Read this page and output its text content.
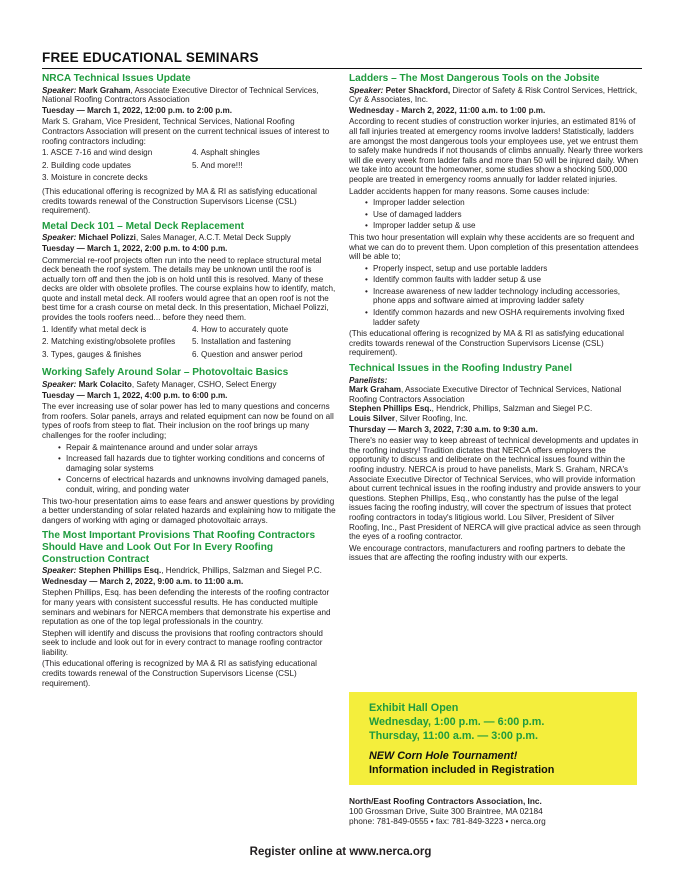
FREE EDUCATIONAL SEMINARS
NRCA Technical Issues Update
Speaker: Mark Graham, Associate Executive Director of Technical Services, National Roofing Contractors Association
Tuesday — March 1, 2022, 12:00 p.m. to 2:00 p.m.

Mark S. Graham, Vice President, Technical Services, National Roofing Contractors Association will present on the current technical issues of interest to roofing contractors including:

1. ASCE 7-16 and wind design	4. Asphalt shingles
2. Building code updates	5. And more!!!
3. Moisture in concrete decks

(This educational offering is recognized by MA & RI as satisfying educational credits towards renewal of the Construction Supervisors License (CSL) requirement).

Metal Deck 101 – Metal Deck Replacement
Speaker: Michael Polizzi, Sales Manager, A.C.T. Metal Deck Supply
Tuesday — March 1, 2022, 2:00 p.m. to 4:00 p.m.

Commercial re-roof projects often run into the need to replace structural metal deck beneath the roof system. The details may be unknown until the roof is actually torn off and then the job is on hold until this is resolved. Many of these decks are older with obsolete profiles. The course explains how to identify, match, quote and install metal deck. All roofers would agree that an open roof is not the best time for a crash course on metal deck. In this presentation, Michael Polizzi, provides the tools roofers need... before they need them.

1. Identify what metal deck is	4. How to accurately quote
2. Matching existing/obsolete profiles	5. Installation and fastening
3. Types, gauges & finishes	6. Question and answer period
Working Safely Around Solar – Photovoltaic Basics
Speaker: Mark Colacito, Safety Manager, CSHO, Select Energy
Tuesday — March 1, 2022, 4:00 p.m. to 6:00 p.m.

The ever increasing use of solar power has led to many questions and concerns from roofers. Solar panels, arrays and related equipment can now be found on all types of roofs from steep to flat. Their inclusion on the roof brings up many challenges for the roofer including;

• Repair & maintenance around and under solar arrays
• Increased fall hazards due to tighter working conditions and concerns of damaging solar systems
• Concerns of electrical hazards and unknowns involving damaged panels, conduit, wiring, and ponding water

This two-hour presentation aims to ease fears and answer questions by providing a better understanding of solar related hazards and explaining how to mitigate the dangers of working with aging or damaged photovoltaic arrays.

The Most Important Provisions That Roofing Contractors
Should Have and Look Out For In Every Roofing Construction Contract
Speaker: Stephen Phillips Esq., Hendrick, Phillips, Salzman and Siegel P.C.
Wednesday — March 2, 2022, 9:00 a.m. to 11:00 a.m.

Stephen Phillips, Esq. has been defending the interests of the roofing contractor for many years with consistent successful results. He has conducted multiple seminars and webinars for NERCA members that demonstrate his expertise and reputation as one of the top legal professionals in the country.

Stephen will identify and discuss the provisions that roofing contractors should seek to include and look out for in every contract to manage roofing contractor liability.

(This educational offering is recognized by MA & RI as satisfying educational credits towards renewal of the Construction Supervisors License (CSL) requirement).

Ladders – The Most Dangerous Tools on the Jobsite
Speaker: Peter Shackford, Director of Safety & Risk Control Services, Hettrick, Cyr & Associates, Inc.
Wednesday - March 2, 2022, 11:00 a.m. to 1:00 p.m.

According to recent studies of construction worker injuries, an estimated 81% of all fall injuries treated at emergency rooms involve ladders! Statistically, ladders are amongst the most dangerous tools your employees use, yet we entrust them to safely make hundreds if not thousands of climbs annually. Nearly three workers will die every week from ladder falls and more than 50 will be injured daily. When we take into account the homeowner, some studies show a shocking 500,000 people are treated in emergency rooms annually for ladder related injuries.

Ladder accidents happen for many reasons. Some causes include:

• Improper ladder selection
• Use of damaged ladders
• Improper ladder setup & use

This two hour presentation will explain why these accidents are so frequent and what we can do to prevent them. Upon completion of this presentation attendees will be able to;

• Properly inspect, setup and use portable ladders
• Identify common faults with ladder setup & use
• Increase awareness of new ladder technology including accessories, phone apps and software aimed at improving ladder safety
• Identify common hazards and new OSHA requirements involving fixed ladder safety

(This educational offering is recognized by MA & RI as satisfying educational credits towards renewal of the Construction Supervisors License (CSL) requirement).

Technical Issues in the Roofing Industry Panel
Panelists:
Mark Graham, Associate Executive Director of Technical Services, National Roofing Contractors Association
Stephen Phillips Esq., Hendrick, Phillips, Salzman and Siegel P.C.
Louis Silver, Silver Roofing, Inc.
Thursday — March 3, 2022, 7:30 a.m. to 9:30 a.m.

There's no easier way to keep abreast of technical developments and updates in the roofing industry! Tradition dictates that NERCA offers employers the opportunity to discuss and deliberate on the technical issues found within the roofing industry. NERCA is proud to have panelists, Mark S. Graham, NRCA's Associate Executive Director of Technical Services, who will provide information about current technical issues in the roofing industry and provide answers to your questions. Stephen Phillips, Esq., who constantly has the pulse of the legal issues facing the roofing industry, will cover the spectrum of issues that protect roofing contractors in today's litigious world. Lou Silver, President of Silver Roofing, Inc., Past President of NERCA will give practical advice as seen through the eyes of a roofing contractor.

We encourage contractors, manufacturers and roofing partners to debate the issues that are affecting the roofing industry with our experts.

Exhibit Hall Open
Wednesday, 1:00 p.m. — 6:00 p.m.
Thursday, 11:00 a.m. — 3:00 p.m.
NEW Corn Hole Tournament!
Information included in Registration
North/East Roofing Contractors Association, Inc.
100 Grossman Drive, Suite 300 Braintree, MA 02184
phone: 781-849-0555 • fax: 781-849-3223 • nerca.org
Register online at www.nerca.org
